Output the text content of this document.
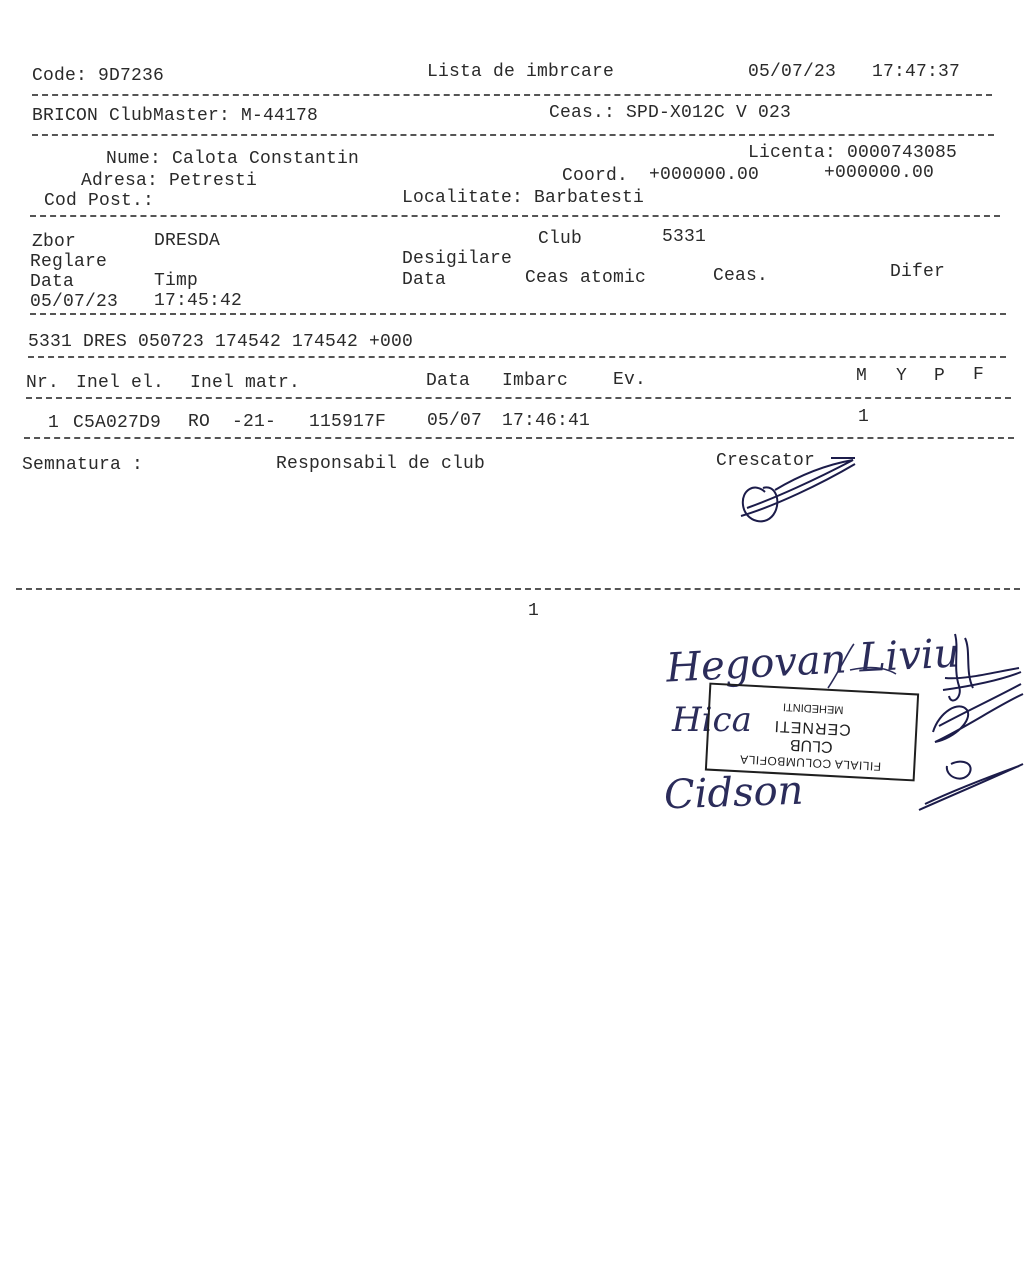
Code: 9D7236	Lista de imbrcare	05/07/23 17:47:37
BRICON ClubMaster: M-44178	Ceas.: SPD-X012C V 023
Nume: Calota Constantin	Licenta: 0000743085
Adresa: Petresti	Coord. +000000.00	+000000.00
Cod Post.:	Localitate: Barbatesti
Zbor	DRESDA	Club	5331
Reglare	Desigilare
Data	Timp	Data	Ceas atomic	Ceas.	Difer
05/07/23 17:45:42
5331 DRES 050723 174542 174542 +000
Nr. Inel el. Inel matr.	Data Imbarc Ev.	M Y P F
1 C5A027D9 RO  -21-   115917F 05/07 17:46:41	1
Semnatura :	Responsabil de club	Crescator
1
Hegovan Liviu
Hica
Cidson
FILIALA COLUMBOFILA
CLUB
CERNETI
MEHEDINTI
